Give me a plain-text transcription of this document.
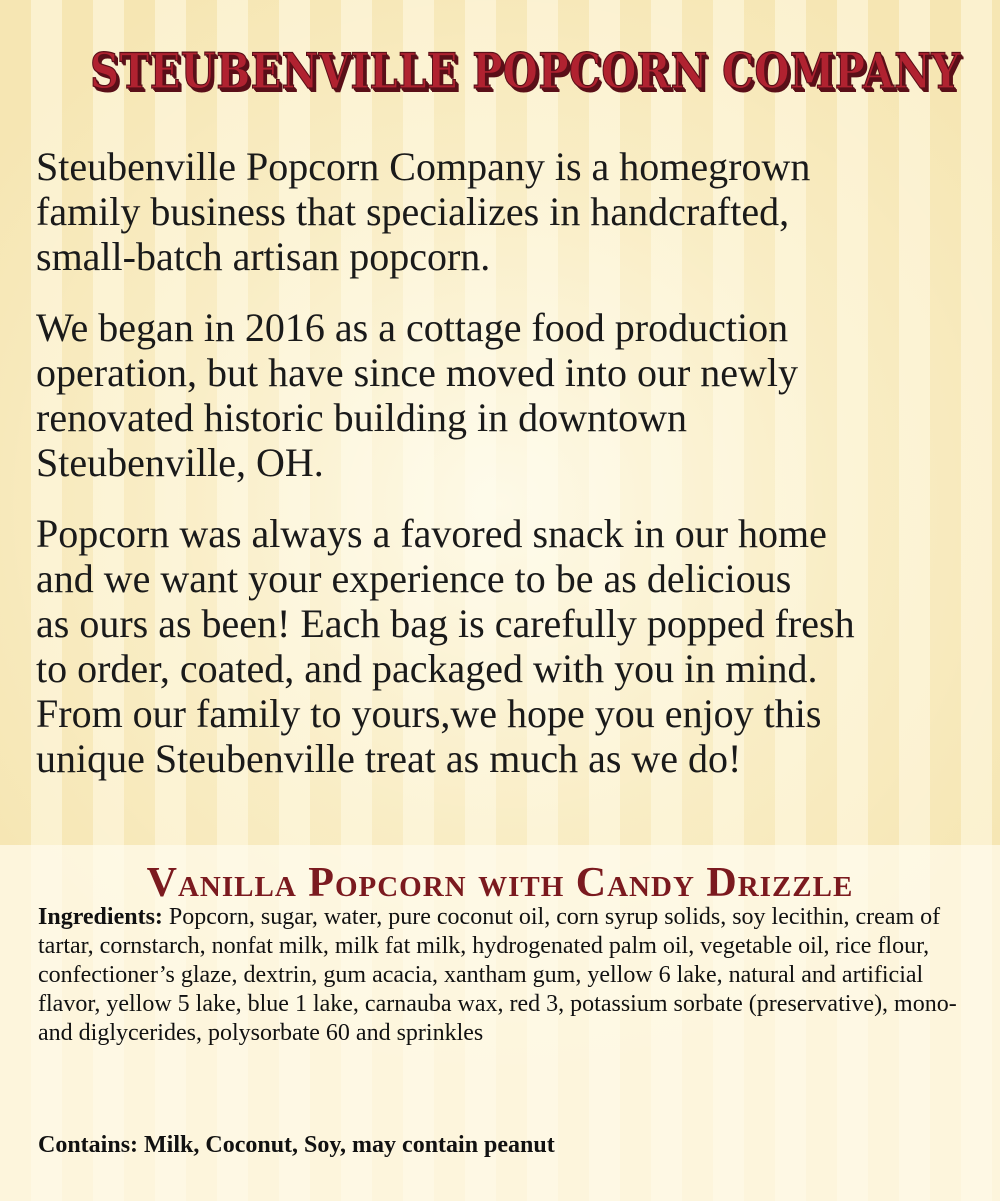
STEUBENVILLE POPCORN COMPANY

Steubenville Popcorn Company is a homegrown
family business that specializes in handcrafted,
small-batch artisan popcorn.

We began in 2016 as a cottage food production
operation, but have since moved into our newly
renovated historic building in downtown
Steubenville, OH.

Popcorn was always a favored snack in our home
and we want your experience to be as delicious
as ours as been! Each bag is carefully popped fresh
to order, coated, and packaged with you in mind.
From our family to yours,we hope you enjoy this
unique Steubenville treat as much as we do!

Vanilla Popcorn with Candy Drizzle

Ingredients: Popcorn, sugar, water, pure coconut oil, corn syrup solids, soy lecithin, cream of tartar, cornstarch, nonfat milk, milk fat milk, hydrogenated palm oil, vegetable oil, rice flour, confectioner’s glaze, dextrin, gum acacia, xantham gum, yellow 6 lake, natural and artificial flavor, yellow 5 lake, blue 1 lake, carnauba wax, red 3, potassium sorbate (preservative), mono- and diglycerides, polysorbate 60 and sprinkles

Contains: Milk, Coconut, Soy, may contain peanut
